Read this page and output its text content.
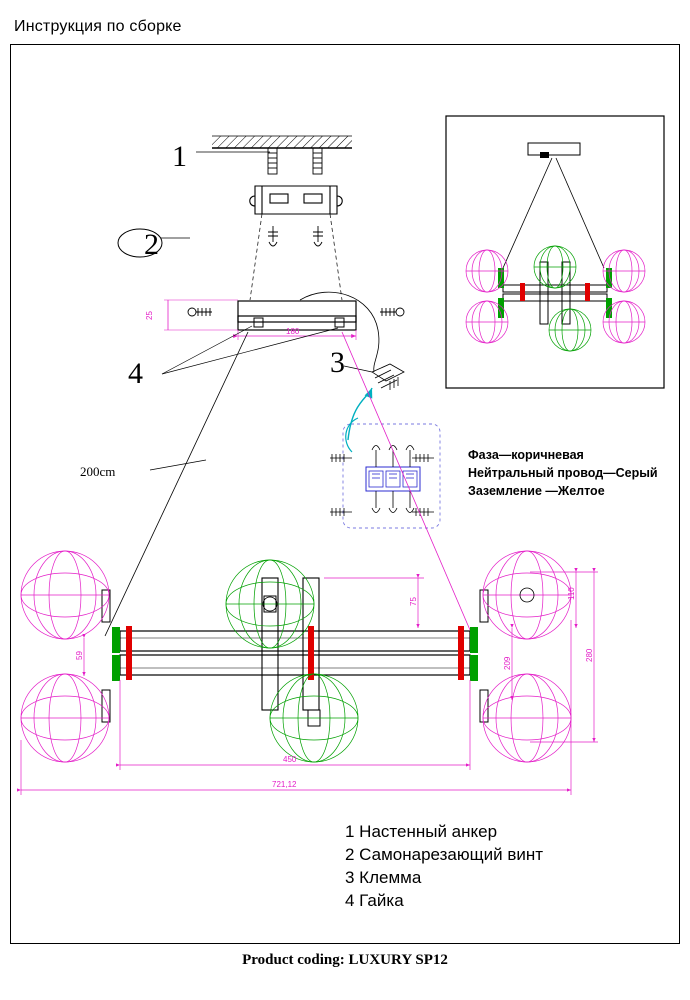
Инструкция по сборке
25
180
450
721,12
280
110
209
75
59
1
2
3
4
200cm
Фаза—коричневая
Нейтральный провод—Серый
Заземление —Желтое
1 Настенный анкер
2 Самонарезающий винт
3 Клемма
4 Гайка
Product coding: LUXURY SP12
